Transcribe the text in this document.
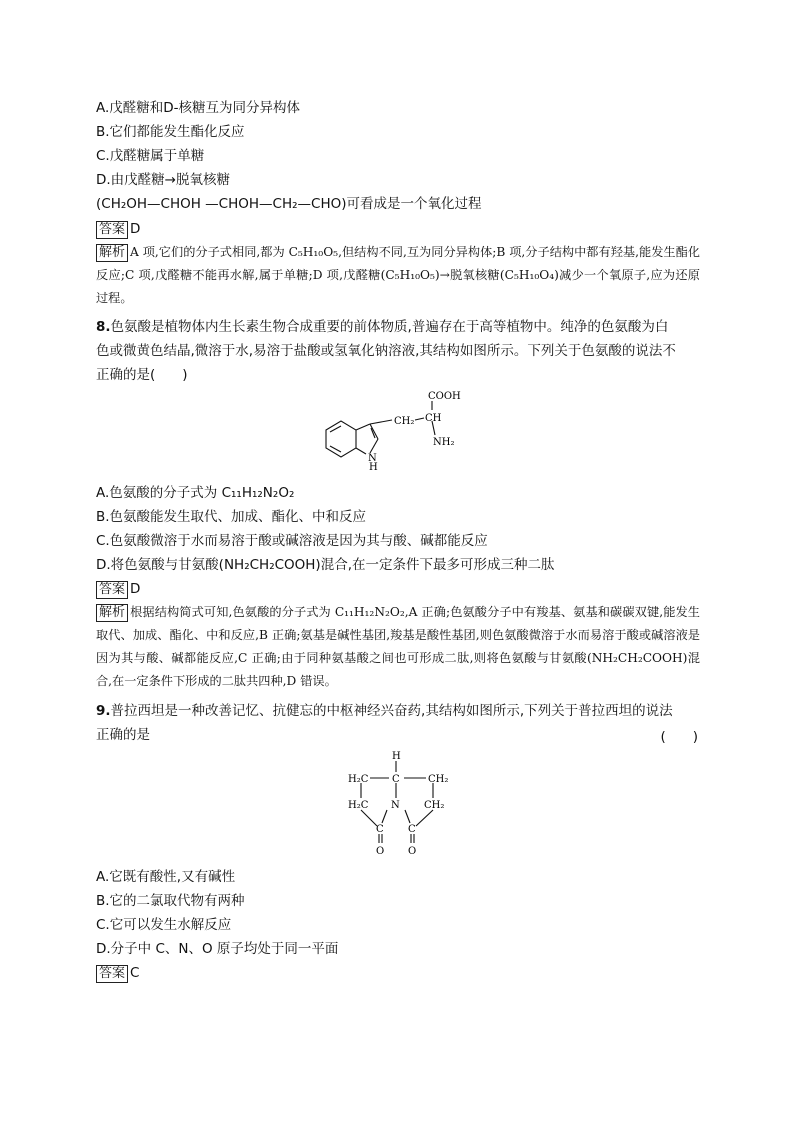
A.戊醛糖和D-核糖互为同分异构体
B.它们都能发生酯化反应
C.戊醛糖属于单糖
D.由戊醛糖→脱氧核糖
(CH₂OH—CHOH —CHOH—CH₂—CHO)可看成是一个氧化过程
答案 D
解析 A 项,它们的分子式相同,都为 C₅H₁₀O₅,但结构不同,互为同分异构体;B 项,分子结构中都有羟基,能发生酯化反应;C 项,戊醛糖不能再水解,属于单糖;D 项,戊醛糖(C₅H₁₀O₅)→脱氧核糖(C₅H₁₀O₄)减少一个氧原子,应为还原过程。
8.色氨酸是植物体内生长素生物合成重要的前体物质,普遍存在于高等植物中。纯净的色氨酸为白
色或微黄色结晶,微溶于水,易溶于盐酸或氢氧化钠溶液,其结构如图所示。下列关于色氨酸的说法不
正确的是(　　)
N
H
CH₂ CH
COOH
NH₂
A.色氨酸的分子式为 C₁₁H₁₂N₂O₂
B.色氨酸能发生取代、加成、酯化、中和反应
C.色氨酸微溶于水而易溶于酸或碱溶液是因为其与酸、碱都能反应
D.将色氨酸与甘氨酸(NH₂CH₂COOH)混合,在一定条件下最多可形成三种二肽
答案 D
解析 根据结构简式可知,色氨酸的分子式为 C₁₁H₁₂N₂O₂,A 正确;色氨酸分子中有羧基、氨基和碳碳双键,能发生取代、加成、酯化、中和反应,B 正确;氨基是碱性基团,羧基是酸性基团,则色氨酸微溶于水而易溶于酸或碱溶液是因为其与酸、碱都能反应,C 正确;由于同种氨基酸之间也可形成二肽,则将色氨酸与甘氨酸(NH₂CH₂COOH)混合,在一定条件下形成的二肽共四种,D 错误。
9.普拉西坦是一种改善记忆、抗健忘的中枢神经兴奋药,其结构如图所示,下列关于普拉西坦的说法
正确的是	(　　)
H
H₂C C	CH₂
H₂C N CH₂
C C
O O
A.它既有酸性,又有碱性
B.它的二氯取代物有两种
C.它可以发生水解反应
D.分子中 C、N、O 原子均处于同一平面
答案 C
